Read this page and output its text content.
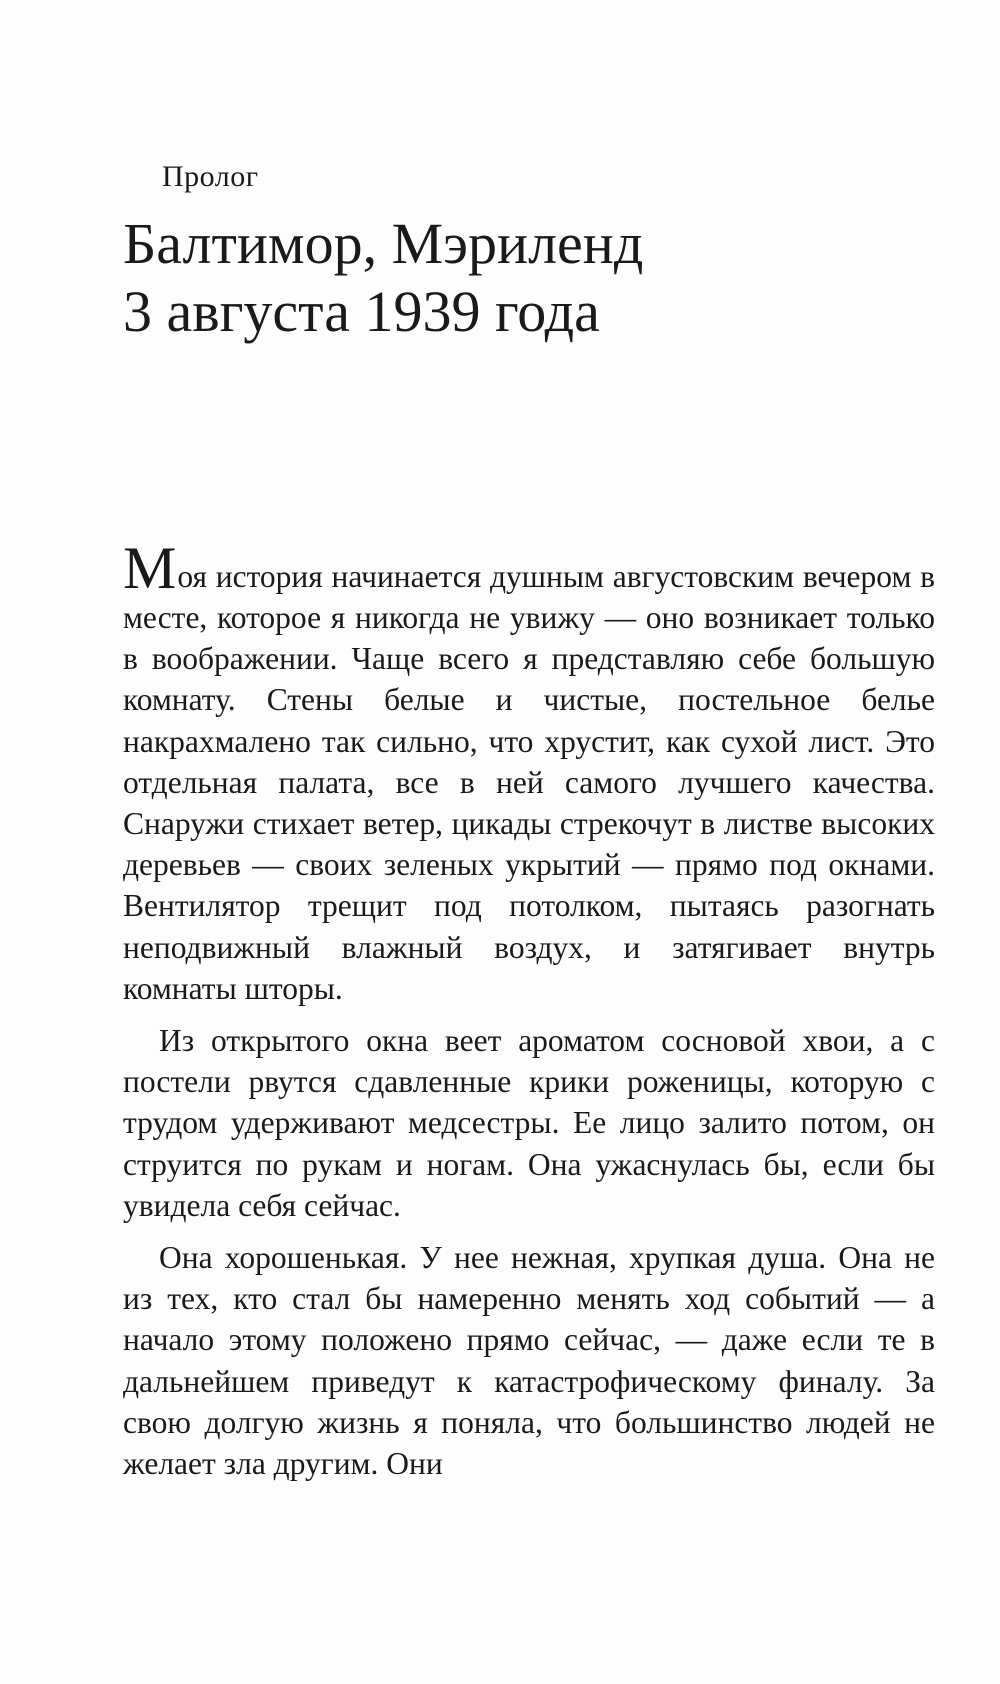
Пролог
Балтимор, Мэриленд
3 августа 1939 года

Моя история начинается душным августовским вечером в месте, которое я никогда не увижу — оно возникает только в воображении. Чаще всего я представляю себе большую комнату. Стены белые и чистые, постельное белье накрахмалено так сильно, что хрустит, как сухой лист. Это отдельная палата, все в ней самого лучшего качества. Снаружи стихает ветер, цикады стрекочут в листве высоких деревьев — своих зеленых укрытий — прямо под окнами. Вентилятор трещит под потолком, пытаясь разогнать неподвижный влажный воздух, и затягивает внутрь комнаты шторы.

Из открытого окна веет ароматом сосновой хвои, а с постели рвутся сдавленные крики роженицы, которую с трудом удерживают медсестры. Ее лицо залито потом, он струится по рукам и ногам. Она ужаснулась бы, если бы увидела себя сейчас.

Она хорошенькая. У нее нежная, хрупкая душа. Она не из тех, кто стал бы намеренно менять ход событий — а начало этому положено прямо сейчас, — даже если те в дальнейшем приведут к катастрофическому финалу. За свою долгую жизнь я поняла, что большинство людей не желает зла другим. Они
